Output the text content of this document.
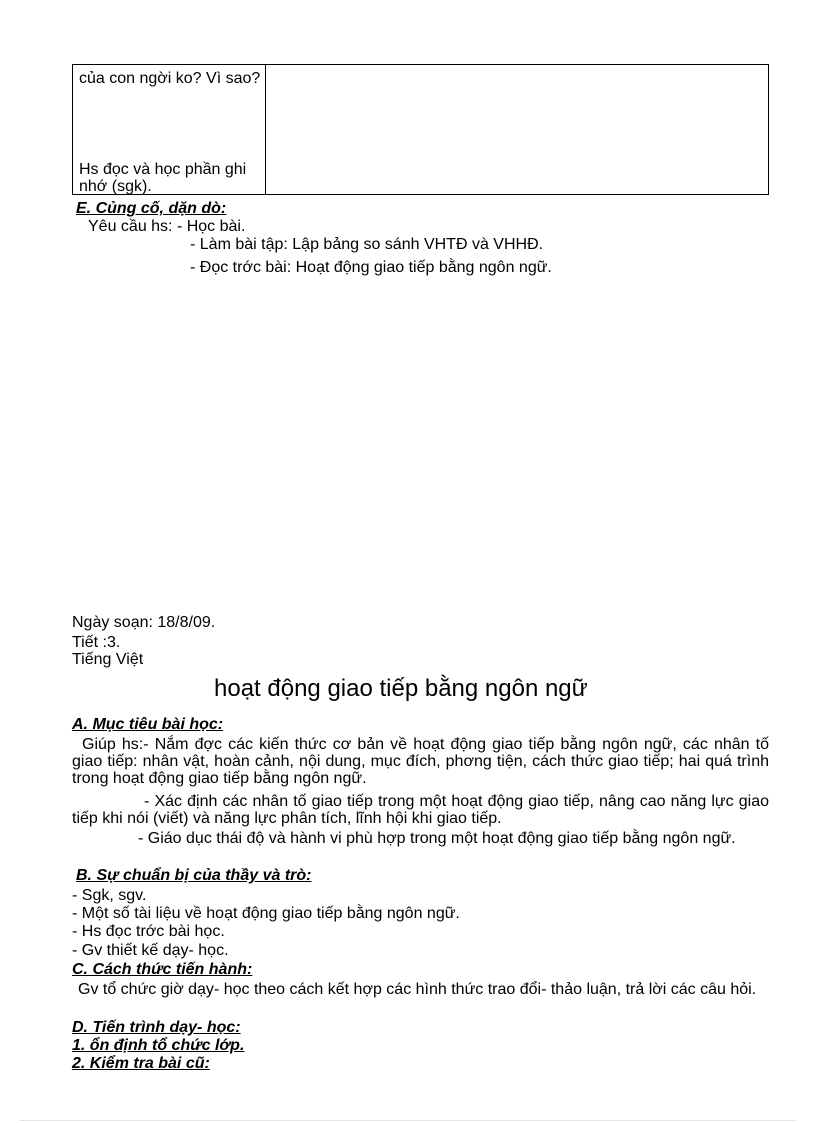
của con ngời ko? Vì sao?
Hs đọc và học phần ghi nhớ (sgk).
E. Củng cố, dặn dò:
Yêu cầu hs: - Học bài.
- Làm bài tập: Lập bảng so sánh VHTĐ và VHHĐ.
- Đọc trớc bài: Hoạt động giao tiếp bằng ngôn ngữ.
Ngày soạn: 18/8/09.
Tiết :3.
Tiếng Việt
hoạt động giao tiếp bằng ngôn ngữ
A. Mục tiêu bài học:
Giúp hs:- Nắm đợc các kiến thức cơ bản về hoạt động giao tiếp bằng ngôn ngữ, các nhân tố giao tiếp: nhân vật, hoàn cảnh, nội dung, mục đích, phơng tiện, cách thức giao tiếp; hai quá trình trong hoạt động giao tiếp bằng ngôn ngữ.
- Xác định các nhân tố giao tiếp trong một hoạt động giao tiếp, nâng cao năng lực giao tiếp khi nói (viết) và năng lực phân tích, lĩnh hội khi giao tiếp.
- Giáo dục thái độ và hành vi phù hợp trong một hoạt động giao tiếp bằng ngôn ngữ.
B. Sự chuẩn bị của thầy và trò:
- Sgk, sgv.
- Một số tài liệu về hoạt động giao tiếp bằng ngôn ngữ.
- Hs đọc trớc bài học.
- Gv thiết kế dạy- học.
C. Cách thức tiến hành:
Gv tổ chức giờ dạy- học theo cách kết hợp các hình thức trao đổi- thảo luận, trả lời các câu hỏi.
D. Tiến trình dạy- học:
1. ổn định tổ chức lớp.
2. Kiểm tra bài cũ:
